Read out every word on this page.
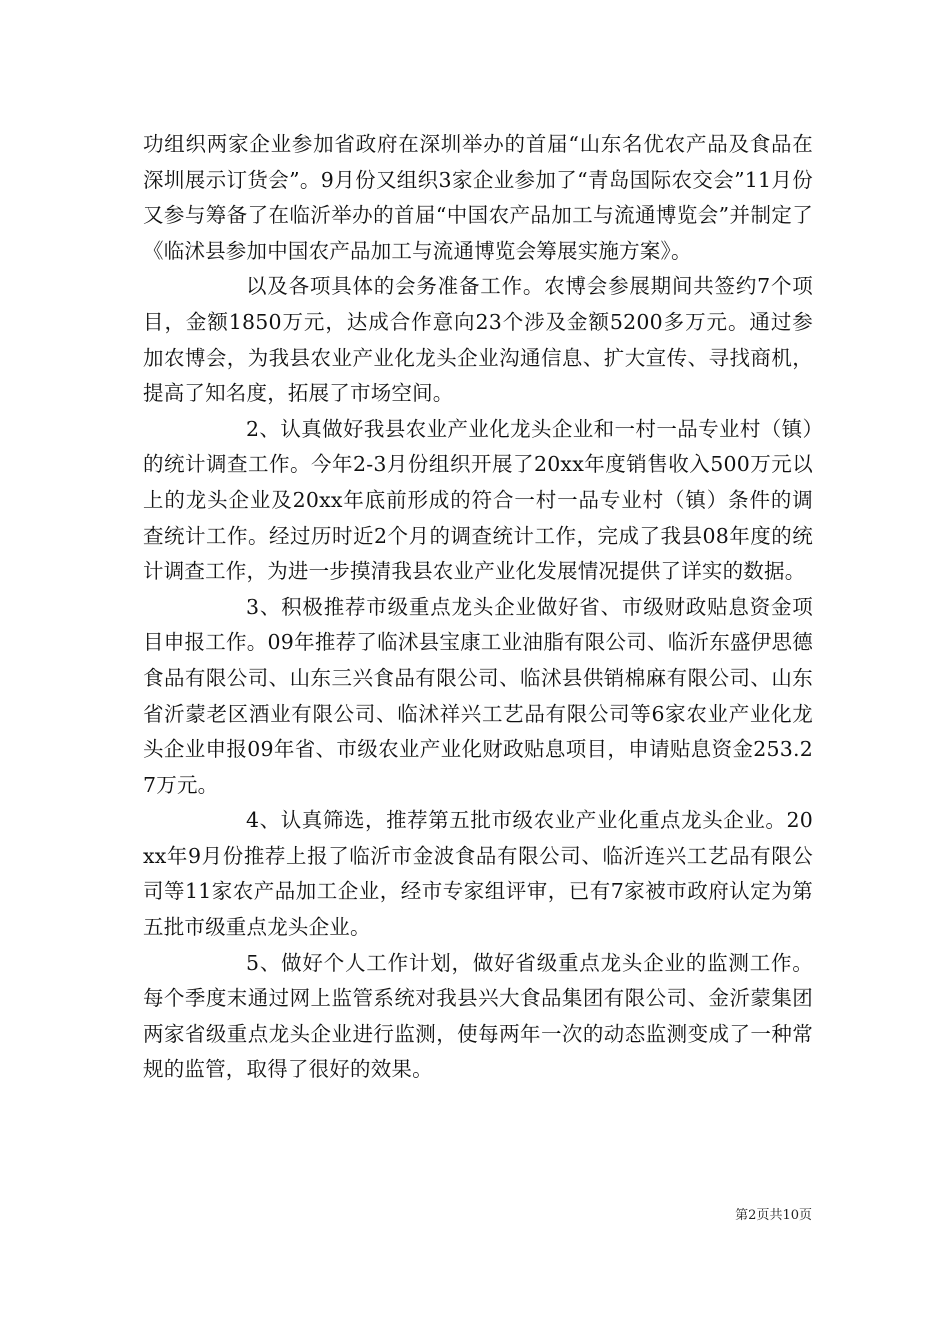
功组织两家企业参加省政府在深圳举办的首届“山东名优农产品及食品在深圳展示订货会”。9月份又组织3家企业参加了“青岛国际农交会”11月份又参与筹备了在临沂举办的首届“中国农产品加工与流通博览会”并制定了《临沭县参加中国农产品加工与流通博览会筹展实施方案》。

以及各项具体的会务准备工作。农博会参展期间共签约7个项目，金额1850万元，达成合作意向23个涉及金额5200多万元。通过参加农博会，为我县农业产业化龙头企业沟通信息、扩大宣传、寻找商机，提高了知名度，拓展了市场空间。

2、认真做好我县农业产业化龙头企业和一村一品专业村（镇）的统计调查工作。今年2-3月份组织开展了20xx年度销售收入500万元以上的龙头企业及20xx年底前形成的符合一村一品专业村（镇）条件的调查统计工作。经过历时近2个月的调查统计工作，完成了我县08年度的统计调查工作，为进一步摸清我县农业产业化发展情况提供了详实的数据。

3、积极推荐市级重点龙头企业做好省、市级财政贴息资金项目申报工作。09年推荐了临沭县宝康工业油脂有限公司、临沂东盛伊思德食品有限公司、山东三兴食品有限公司、临沭县供销棉麻有限公司、山东省沂蒙老区酒业有限公司、临沭祥兴工艺品有限公司等6家农业产业化龙头企业申报09年省、市级农业产业化财政贴息项目，申请贴息资金253.27万元。

4、认真筛选，推荐第五批市级农业产业化重点龙头企业。20xx年9月份推荐上报了临沂市金波食品有限公司、临沂连兴工艺品有限公司等11家农产品加工企业，经市专家组评审，已有7家被市政府认定为第五批市级重点龙头企业。

5、做好个人工作计划，做好省级重点龙头企业的监测工作。每个季度末通过网上监管系统对我县兴大食品集团有限公司、金沂蒙集团两家省级重点龙头企业进行监测，使每两年一次的动态监测变成了一种常规的监管，取得了很好的效果。

第2页共10页
